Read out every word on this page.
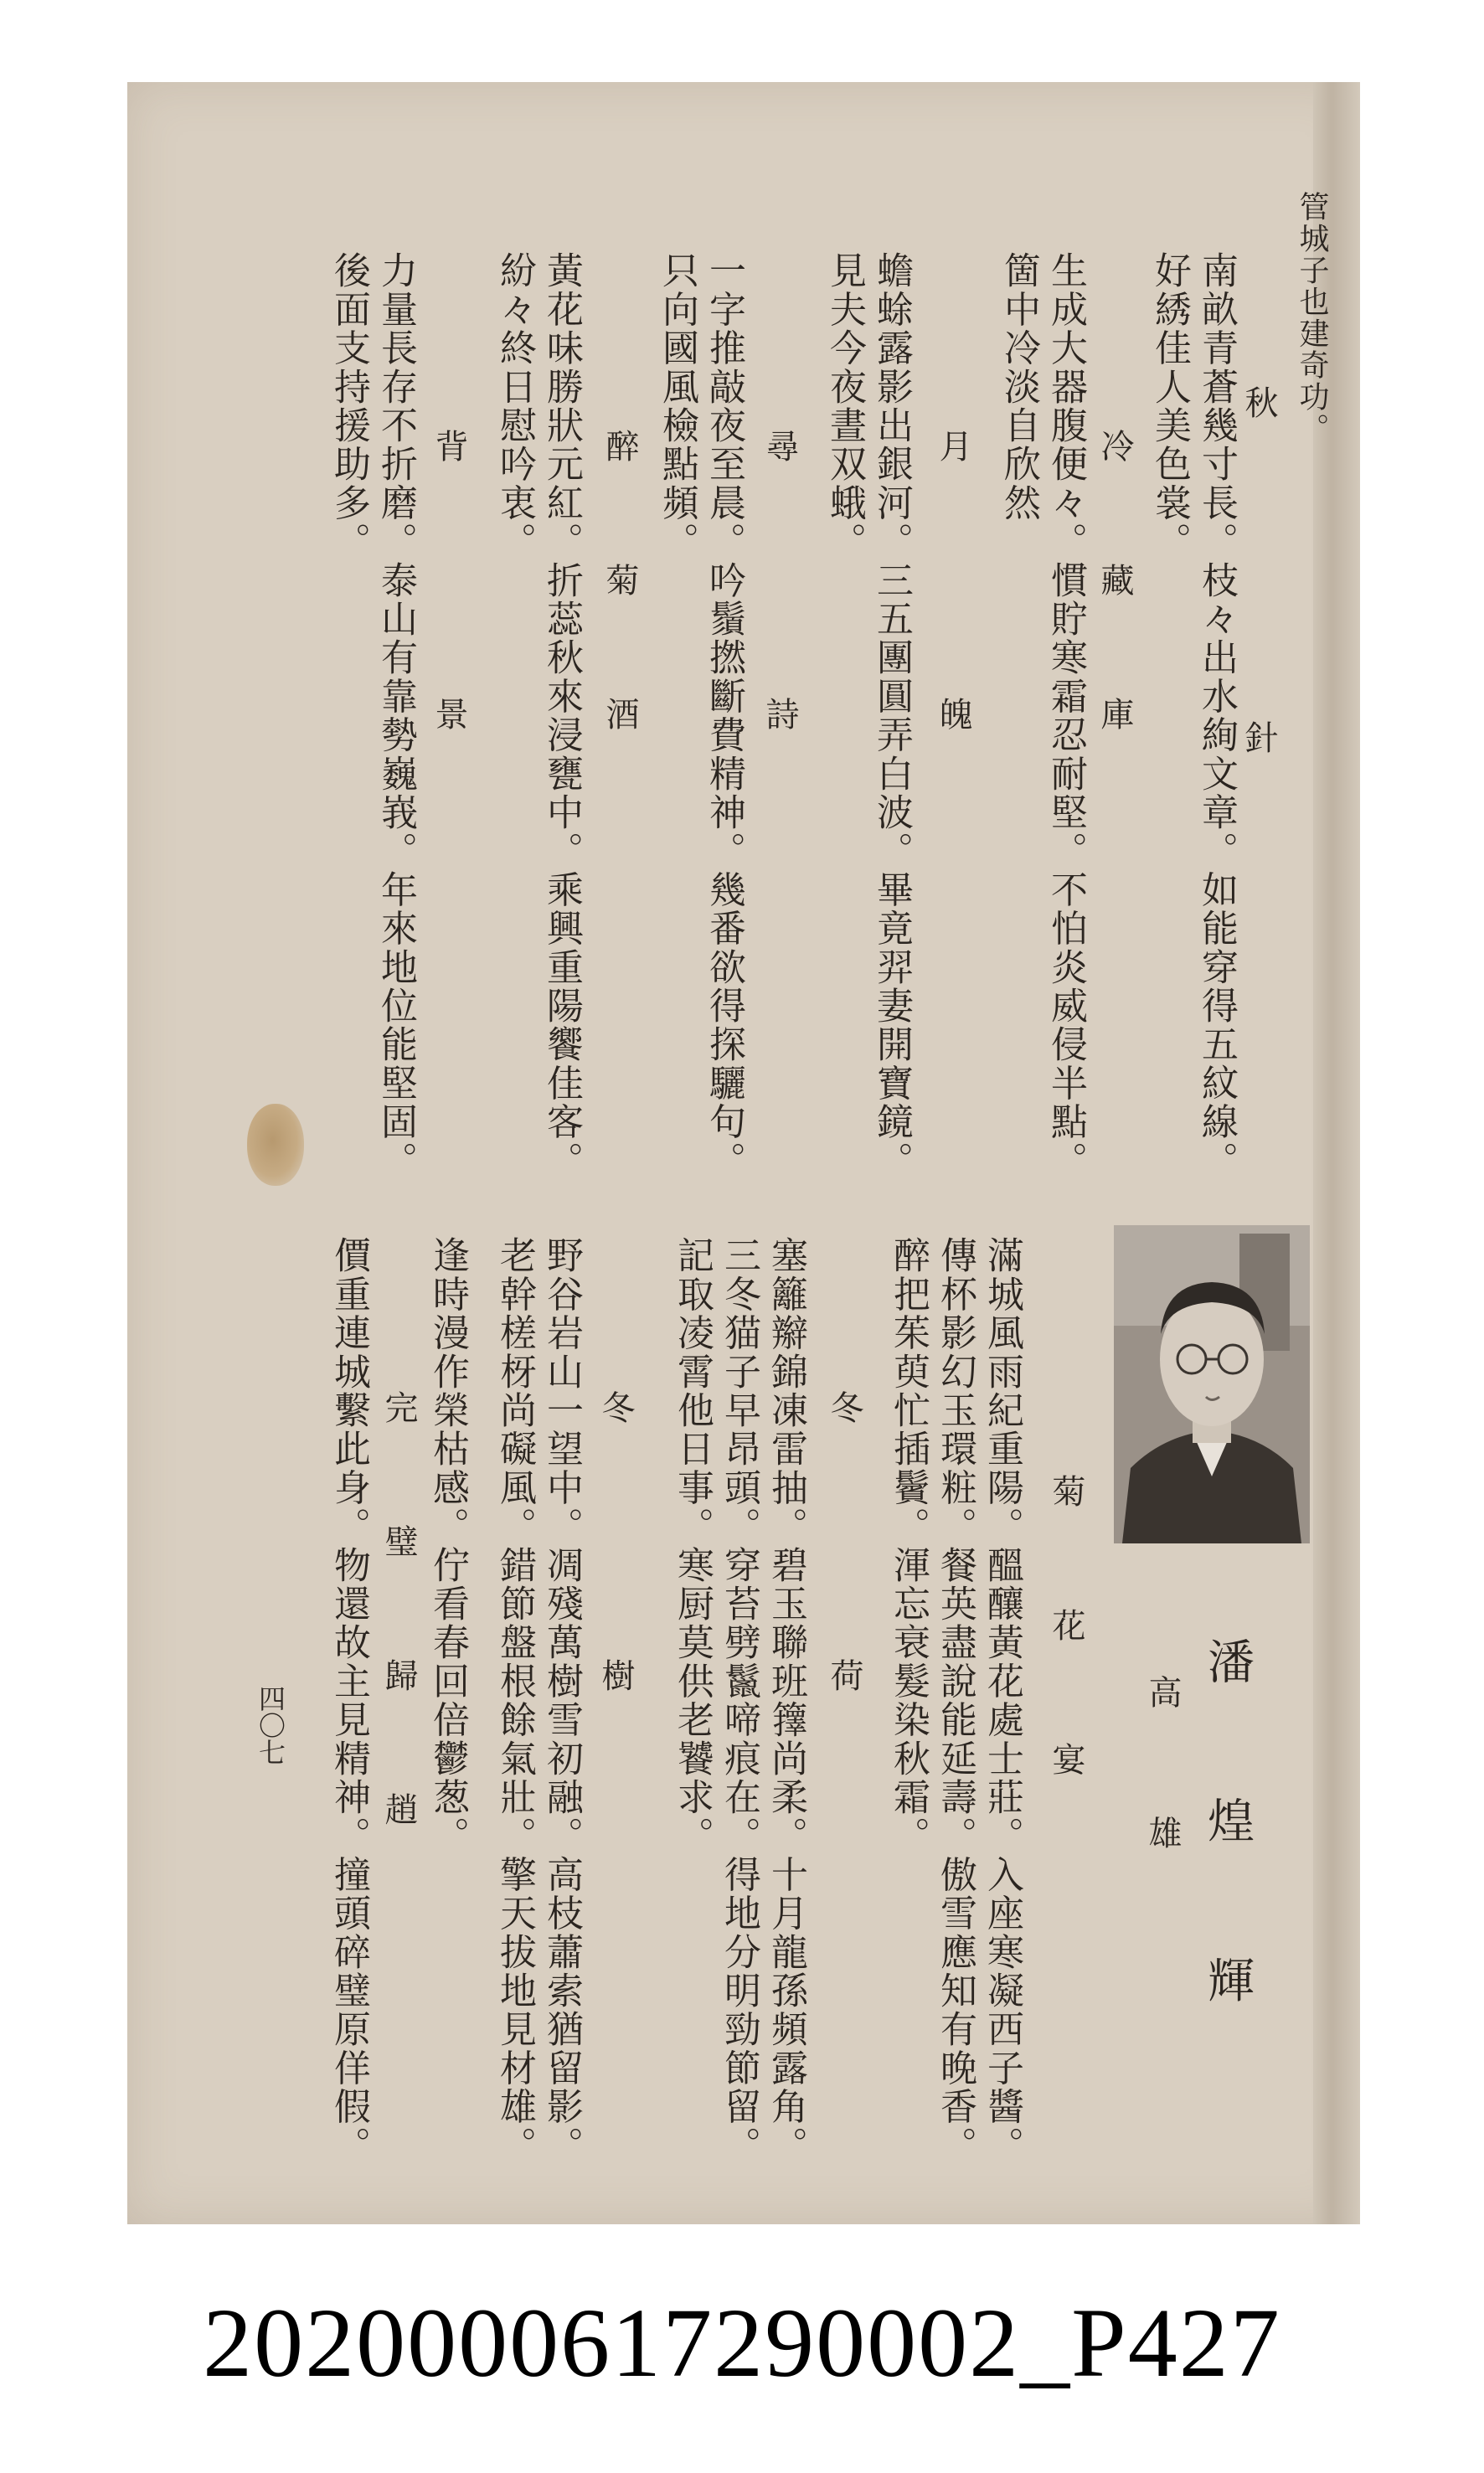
管城子也建奇功。
秋　　　　針
南畝青蒼幾寸長。枝々出水絢文章。如能穿得五紋線。
好綉佳人美色裳。
冷　藏　庫
生成大器腹便々。慣貯寒霜忍耐堅。不怕炎威侵半點。
箇中冷淡自欣然
月　　　魄
蟾蜍露影出銀河。三五團圓弄白波。畢竟羿妻開寶鏡。
見夫今夜晝双蛾。
尋　　　詩
一字推敲夜至晨。吟鬚撚斷費精神。幾番欲得探驪句。
只向國風檢點頻。
醉　菊　酒
黃花味勝狀元紅。折蕊秋來浸甕中。乘興重陽饗佳客。
紛々終日慰吟衷。
背　　　景
力量長存不折磨。泰山有靠勢巍峩。年來地位能堅固。
後面支持援助多。
潘　煌　輝
高雄
菊　花　宴
滿城風雨紀重陽。醞釀黃花處士莊。入座寒凝西子醬。
傳杯影幻玉環粧。餐英盡說能延壽。傲雪應知有晚香。
醉把茱萸忙插鬢。渾忘衰髮染秋霜。
冬　　　荷
塞籬辮錦凍雷抽。碧玉聯班籜尚柔。十月龍孫頻露角。
三冬猫子早昂頭。穿苔劈鬣啼痕在。得地分明勁節留。
記取凌霄他日事。寒厨莫供老饕求。
冬　　　樹
野谷岩山一望中。凋殘萬樹雪初融。高枝蕭索猶留影。
老幹槎枒尚礙風。錯節盤根餘氣壯。擎天拔地見材雄。
逢時漫作榮枯感。佇看春回倍鬱葱。
完　璧　歸　趙
價重連城繫此身。物還故主見精神。撞頭碎璧原佯假。
四〇七
2020000617290002_P427
